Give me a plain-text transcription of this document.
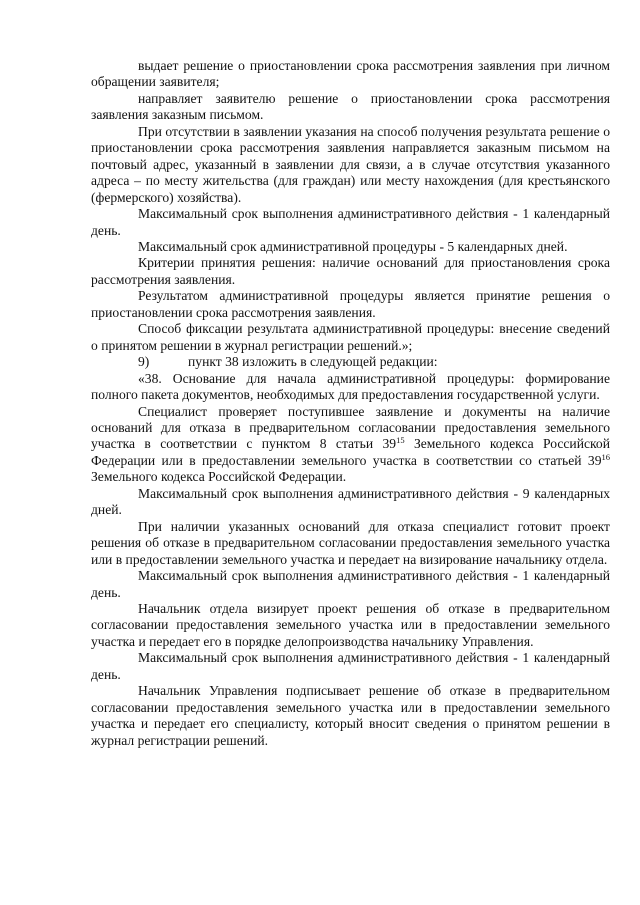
выдает решение о приостановлении срока рассмотрения заявления при личном обращении заявителя;

направляет заявителю решение о приостановлении срока рассмотрения заявления заказным письмом.

При отсутствии в заявлении указания на способ получения результата решение о приостановлении срока рассмотрения заявления направляется заказным письмом на почтовый адрес, указанный в заявлении для связи, а в случае отсутствия указанного адреса – по месту жительства (для граждан) или месту нахождения (для крестьянского (фермерского) хозяйства).

Максимальный срок выполнения административного действия - 1 календарный день.

Максимальный срок административной процедуры - 5 календарных дней.

Критерии принятия решения: наличие оснований для приостановления срока рассмотрения заявления.

Результатом административной процедуры является принятие решения о приостановлении срока рассмотрения заявления.

Способ фиксации результата административной процедуры: внесение сведений о принятом решении в журнал регистрации решений.»;

9)	пункт 38 изложить в следующей редакции:

«38. Основание для начала административной процедуры: формирование полного пакета документов, необходимых для предоставления государственной услуги.

Специалист проверяет поступившее заявление и документы на наличие оснований для отказа в предварительном согласовании предоставления земельного участка в соответствии с пунктом 8 статьи $39^{15}$ Земельного кодекса Российской Федерации или в предоставлении земельного участка в соответствии со статьей $39^{16}$ Земельного кодекса Российской Федерации.

Максимальный срок выполнения административного действия - 9 календарных дней.

При наличии указанных оснований для отказа специалист готовит проект решения об отказе в предварительном согласовании предоставления земельного участка или в предоставлении земельного участка и передает на визирование начальнику отдела.

Максимальный срок выполнения административного действия - 1 календарный день.

Начальник отдела визирует проект решения об отказе в предварительном согласовании предоставления земельного участка или в предоставлении земельного участка и передает его в порядке делопроизводства начальнику Управления.

Максимальный срок выполнения административного действия - 1 календарный день.

Начальник Управления подписывает решение об отказе в предварительном согласовании предоставления земельного участка или в предоставлении земельного участка и передает его специалисту, который вносит сведения о принятом решении в журнал регистрации решений.
